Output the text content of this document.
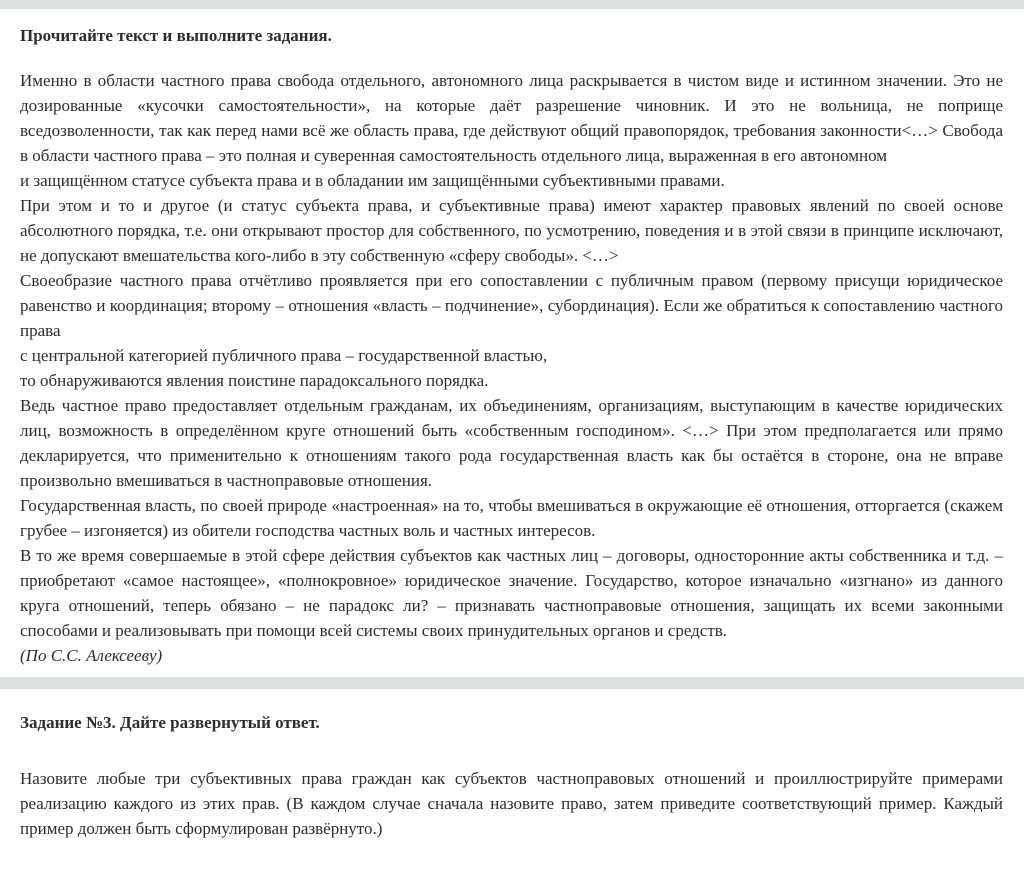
Прочитайте текст и выполните задания.

Именно в области частного права свобода отдельного, автономного лица раскрывается в чистом виде и истинном значении. Это не дозированные «кусочки самостоятельности», на которые даёт разрешение чиновник. И это не вольница, не поприще вседозволенности, так как перед нами всё же область права, где действуют общий правопорядок, требования законности<…> Свобода в области частного права – это полная и суверенная самостоятельность отдельного лица, выраженная в его автономном

и защищённом статусе субъекта права и в обладании им защищёнными субъективными правами.

При этом и то и другое (и статус субъекта права, и субъективные права) имеют характер правовых явлений по своей основе абсолютного порядка, т.е. они открывают простор для собственного, по усмотрению, поведения и в этой связи в принципе исключают, не допускают вмешательства кого-либо в эту собственную «сферу свободы». <…>

Своеобразие частного права отчётливо проявляется при его сопоставлении с публичным правом (первому присущи юридическое равенство и координация; второму – отношения «власть – подчинение», субординация). Если же обратиться к сопоставлению частного права

с центральной категорией публичного права – государственной властью,

то обнаруживаются явления поистине парадоксального порядка.

Ведь частное право предоставляет отдельным гражданам, их объединениям, организациям, выступающим в качестве юридических лиц, возможность в определённом круге отношений быть «собственным господином». <…> При этом предполагается или прямо декларируется, что применительно к отношениям такого рода государственная власть как бы остаётся в стороне, она не вправе произвольно вмешиваться в частноправовые отношения.

Государственная власть, по своей природе «настроенная» на то, чтобы вмешиваться в окружающие её отношения, отторгается (скажем грубее – изгоняется) из обители господства частных воль и частных интересов.

В то же время совершаемые в этой сфере действия субъектов как частных лиц – договоры, односторонние акты собственника и т.д. – приобретают «самое настоящее», «полнокровное» юридическое значение. Государство, которое изначально «изгнано» из данного круга отношений, теперь обязано – не парадокс ли? – признавать частноправовые отношения, защищать их всеми законными способами и реализовывать при помощи всей системы своих принудительных органов и средств.

(По С.С. Алексееву)

Задание №3. Дайте развернутый ответ.

Назовите любые три субъективных права граждан как субъектов частноправовых отношений и проиллюстрируйте примерами реализацию каждого из этих прав. (В каждом случае сначала назовите право, затем приведите соответствующий пример. Каждый пример должен быть сформулирован развёрнуто.)
